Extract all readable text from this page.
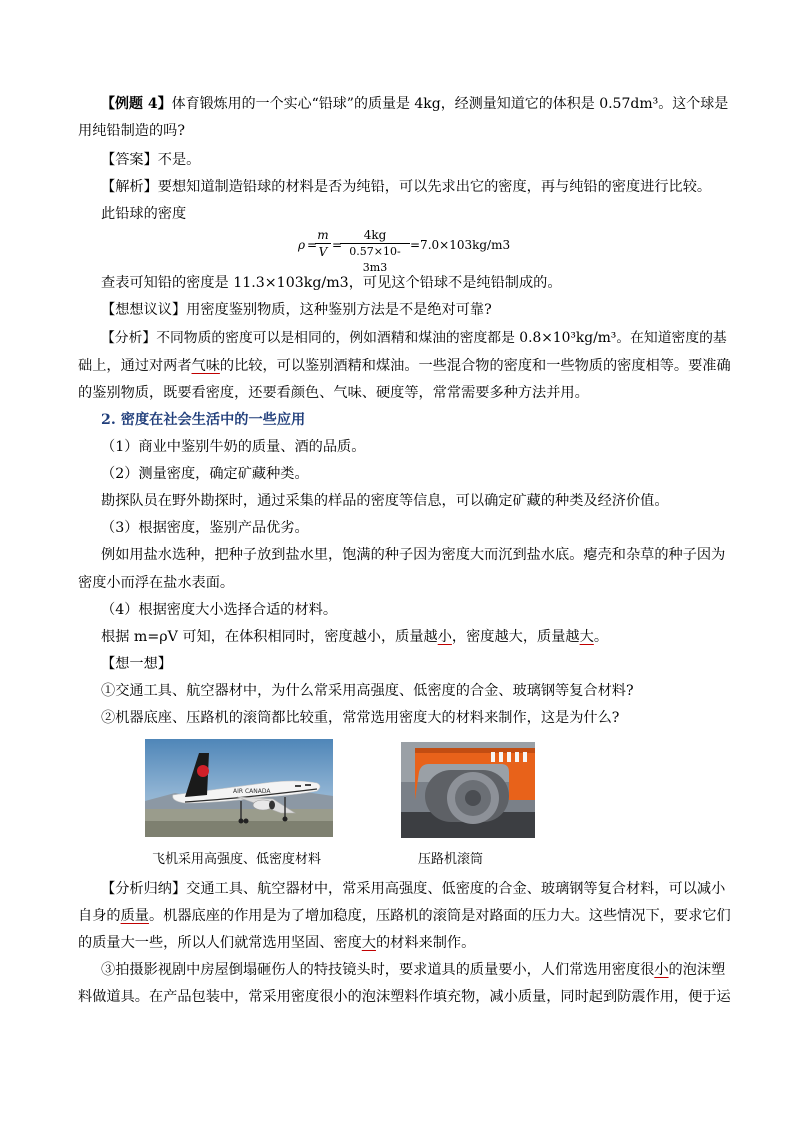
【例题 4】体育锻炼用的一个实心“铅球”的质量是 4kg，经测量知道它的体积是 0.57dm³。这个球是
用纯铅制造的吗?
【答案】不是。
【解析】要想知道制造铅球的材料是否为纯铅，可以先求出它的密度，再与纯铅的密度进行比较。
此铅球的密度
ρ =
m
V =
4kg
0.57×10-3m3
=7.0×103kg/m3
查表可知铅的密度是 11.3×103kg/m3，可见这个铅球不是纯铅制成的。
【想想议议】用密度鉴别物质，这种鉴别方法是不是绝对可靠?
【分析】不同物质的密度可以是相同的，例如酒精和煤油的密度都是 0.8×10³kg/m³。在知道密度的基
础上，通过对两者气味的比较，可以鉴别酒精和煤油。一些混合物的密度和一些物质的密度相等。要准确
的鉴别物质，既要看密度，还要看颜色、气味、硬度等，常常需要多种方法并用。
2. 密度在社会生活中的一些应用
（1）商业中鉴别牛奶的质量、酒的品质。
（2）测量密度，确定矿藏种类。
勘探队员在野外勘探时，通过采集的样品的密度等信息，可以确定矿藏的种类及经济价值。
（3）根据密度，鉴别产品优劣。
例如用盐水选种，把种子放到盐水里，饱满的种子因为密度大而沉到盐水底。瘪壳和杂草的种子因为
密度小而浮在盐水表面。
（4）根据密度大小选择合适的材料。
根据 m=ρV 可知，在体积相同时，密度越小，质量越小，密度越大，质量越大。
【想一想】
①交通工具、航空器材中，为什么常采用高强度、低密度的合金、玻璃钢等复合材料?
②机器底座、压路机的滚筒都比较重，常常选用密度大的材料来制作，这是为什么?
AIR CANADA
飞机采用高强度、低密度材料	压路机滚筒
【分析归纳】交通工具、航空器材中，常采用高强度、低密度的合金、玻璃钢等复合材料，可以减小
自身的质量。机器底座的作用是为了增加稳度，压路机的滚筒是对路面的压力大。这些情况下，要求它们
的质量大一些，所以人们就常选用坚固、密度大的材料来制作。
③拍摄影视剧中房屋倒塌砸伤人的特技镜头时，要求道具的质量要小，人们常选用密度很小的泡沫塑
料做道具。在产品包装中，常采用密度很小的泡沫塑料作填充物，减小质量，同时起到防震作用，便于运
